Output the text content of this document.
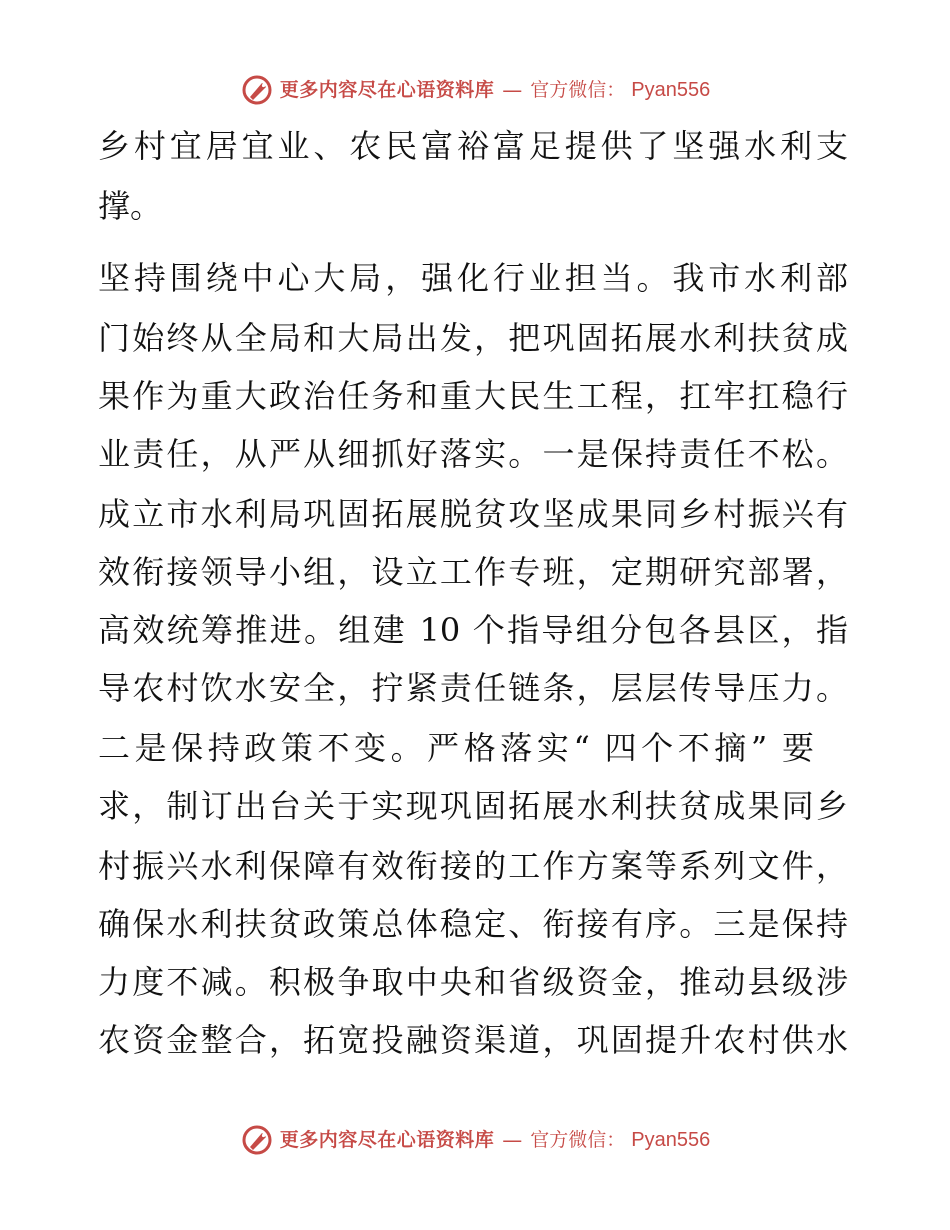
更多内容尽在心语资料库 — 官方微信： Pyan556
乡村宜居宜业、农民富裕富足提供了坚强水利支
撑。
坚持围绕中心大局，强化行业担当。我市水利部
门始终从全局和大局出发，把巩固拓展水利扶贫成
果作为重大政治任务和重大民生工程，扛牢扛稳行
业责任，从严从细抓好落实。一是保持责任不松。
成立市水利局巩固拓展脱贫攻坚成果同乡村振兴有
效衔接领导小组，设立工作专班，定期研究部署，
高效统筹推进。组建 10 个指导组分包各县区，指
导农村饮水安全，拧紧责任链条，层层传导压力。
二是保持政策不变。严格落实“ 四个不摘” 要
求，制订出台关于实现巩固拓展水利扶贫成果同乡
村振兴水利保障有效衔接的工作方案等系列文件，
确保水利扶贫政策总体稳定、衔接有序。三是保持
力度不减。积极争取中央和省级资金，推动县级涉
农资金整合，拓宽投融资渠道，巩固提升农村供水
更多内容尽在心语资料库 — 官方微信： Pyan556
